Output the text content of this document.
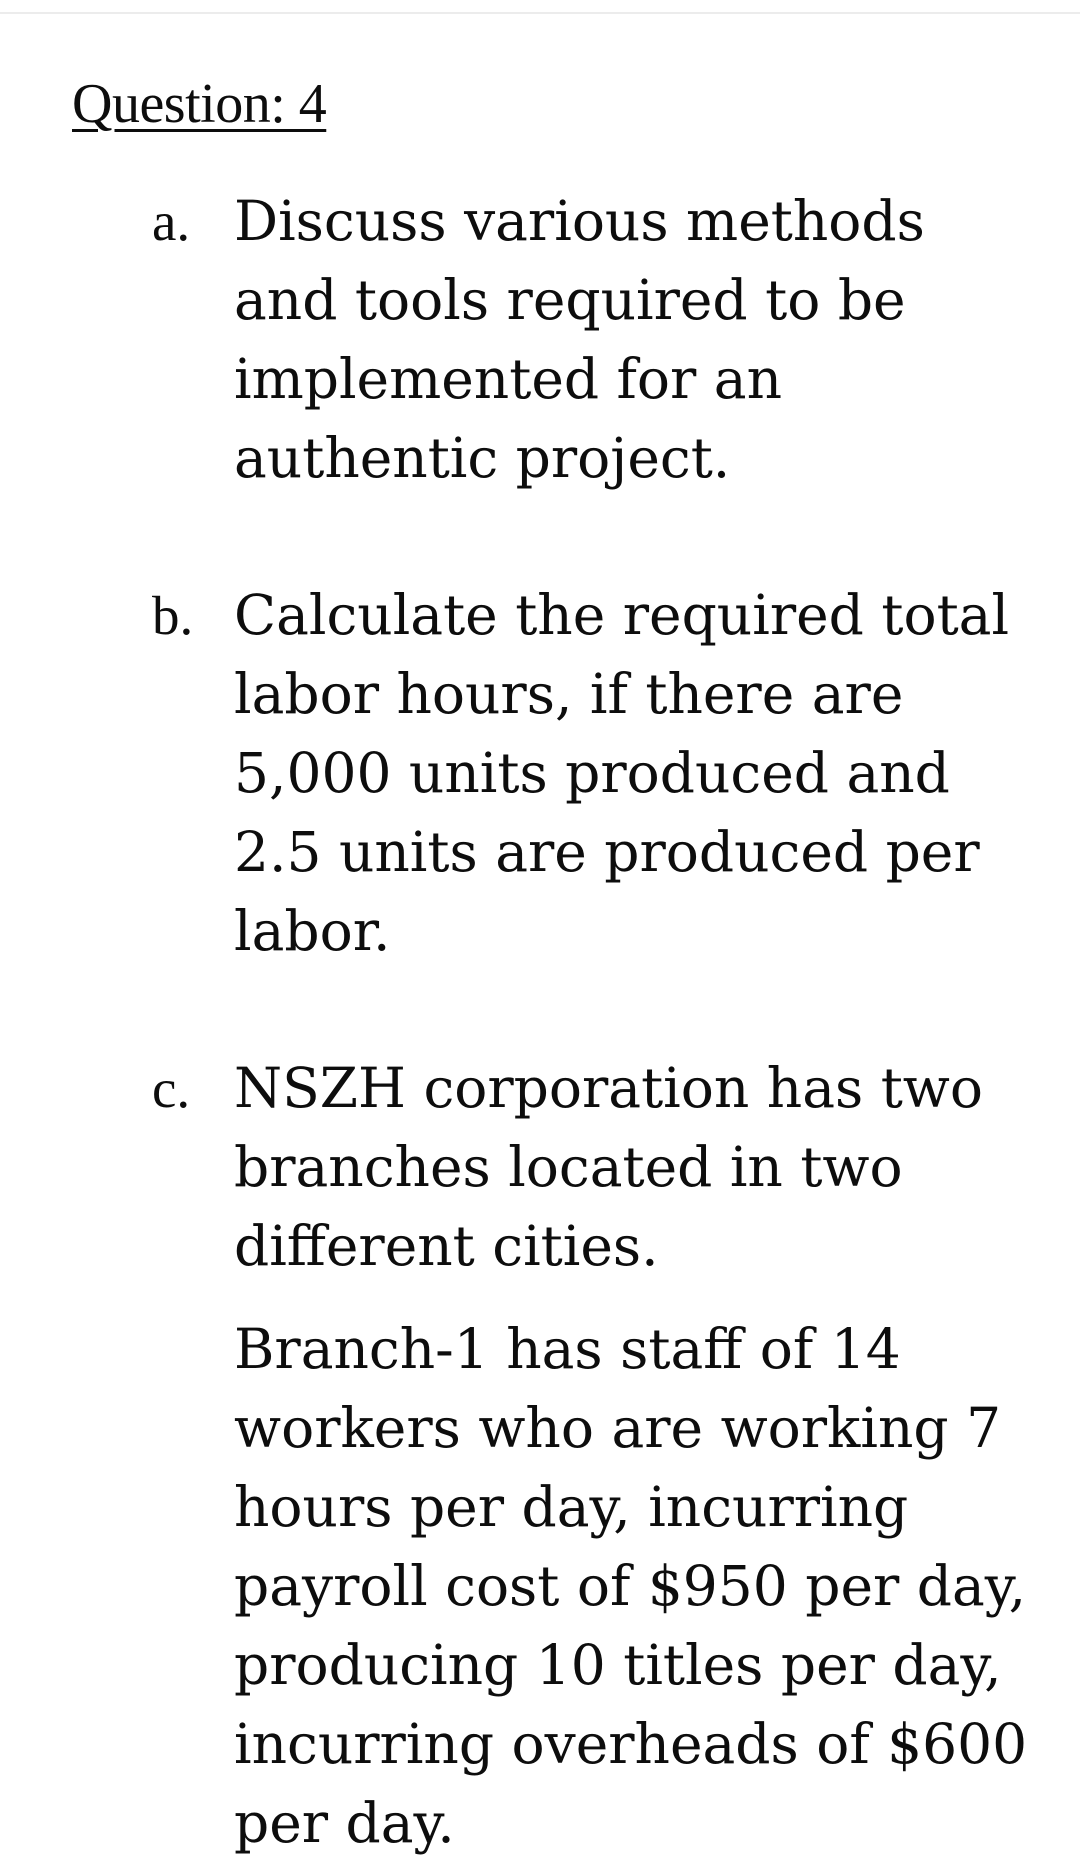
Question: 4
a. Discuss various methods and tools required to be implemented for an authentic project.

b. Calculate the required total labor hours, if there are 5,000 units produced and 2.5 units are produced per labor.

c. NSZH corporation has two branches located in two different cities.

Branch-1 has staff of 14 workers who are working 7 hours per day, incurring payroll cost of $950 per day, producing 10 titles per day, incurring overheads of $600 per day.
